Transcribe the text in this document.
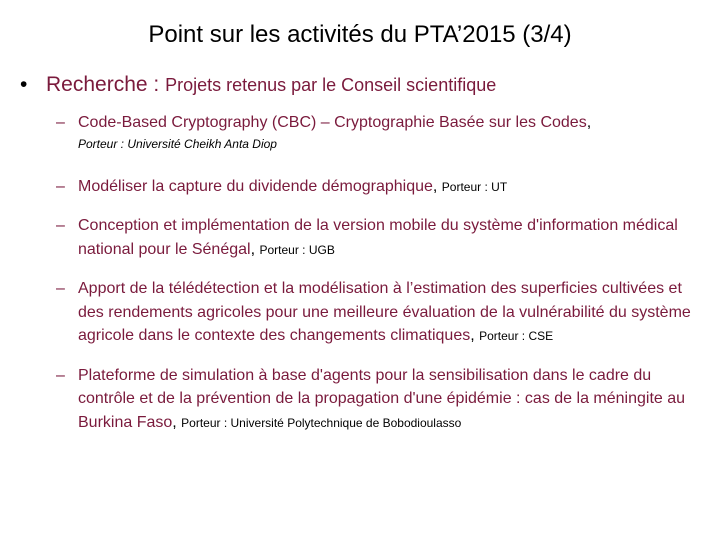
Point sur les activités du PTA’2015 (3/4)
• Recherche : Projets retenus par le Conseil scientifique
– Code-Based Cryptography (CBC) – Cryptographie Basée sur les Codes,
Porteur : Université Cheikh Anta Diop
– Modéliser la capture du dividende démographique, Porteur : UT
– Conception et implémentation de la version mobile du système d'information médical national pour le Sénégal, Porteur : UGB
– Apport de la télédétection et la modélisation à l’estimation des superficies cultivées et des rendements agricoles pour une meilleure évaluation de la vulnérabilité du système agricole dans le contexte des changements climatiques, Porteur : CSE
– Plateforme de simulation à base d'agents pour la sensibilisation dans le cadre du contrôle et de la prévention de la propagation d'une épidémie : cas de la méningite au Burkina Faso, Porteur : Université Polytechnique de Bobodioulasso
